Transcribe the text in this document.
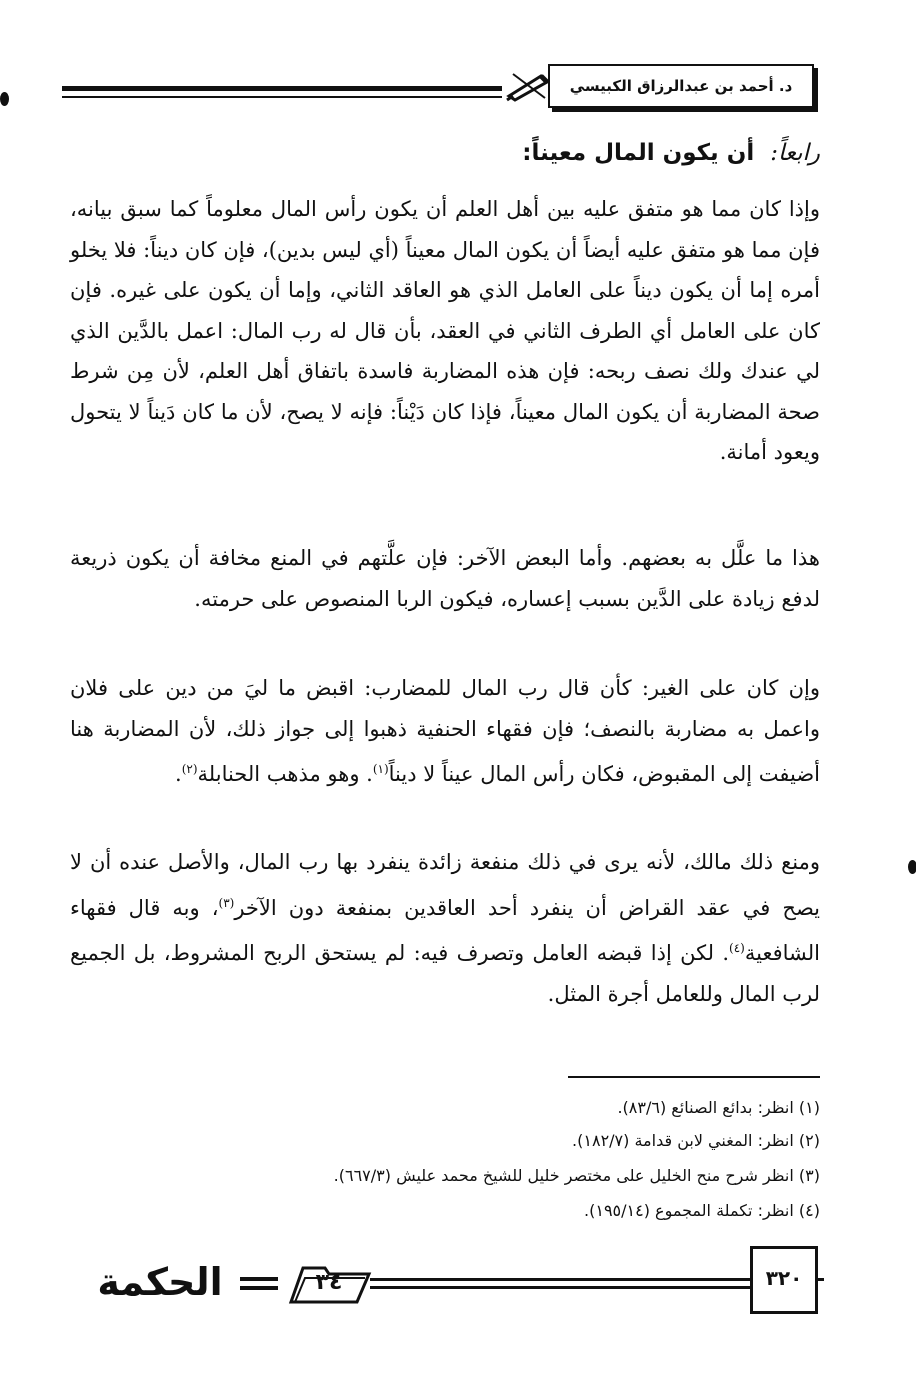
د. أحمد بن عبدالرزاق الكبيسي
رابعاً: أن يكون المال معيناً:

وإذا كان مما هو متفق عليه بين أهل العلم أن يكون رأس المال معلوماً كما سبق بيانه، فإن مما هو متفق عليه أيضاً أن يكون المال معيناً (أي ليس بدين)، فإن كان ديناً: فلا يخلو أمره إما أن يكون ديناً على العامل الذي هو العاقد الثاني، وإما أن يكون على غيره. فإن كان على العامل أي الطرف الثاني في العقد، بأن قال له رب المال: اعمل بالدَّين الذي لي عندك ولك نصف ربحه: فإن هذه المضاربة فاسدة باتفاق أهل العلم، لأن مِن شرط صحة المضاربة أن يكون المال معيناً، فإذا كان دَيْناً: فإنه لا يصح، لأن ما كان دَيناً لا يتحول ويعود أمانة.

هذا ما علَّل به بعضهم. وأما البعض الآخر: فإن علَّتهم في المنع مخافة أن يكون ذريعة لدفع زيادة على الدَّين بسبب إعساره، فيكون الربا المنصوص على حرمته.

وإن كان على الغير: كأن قال رب المال للمضارب: اقبض ما ليَ من دين على فلان واعمل به مضاربة بالنصف؛ فإن فقهاء الحنفية ذهبوا إلى جواز ذلك، لأن المضاربة هنا أضيفت إلى المقبوض، فكان رأس المال عيناً لا ديناً$^{(١)}$. وهو مذهب الحنابلة$^{(٢)}$.

ومنع ذلك مالك، لأنه يرى في ذلك منفعة زائدة ينفرد بها رب المال، والأصل عنده أن لا يصح في عقد القراض أن ينفرد أحد العاقدين بمنفعة دون الآخر$^{(٣)}$، وبه قال فقهاء الشافعية$^{(٤)}$. لكن إذا قبضه العامل وتصرف فيه: لم يستحق الربح المشروط، بل الجميع لرب المال وللعامل أجرة المثل.

(١) انظر: بدائع الصنائع (٨٣/٦).
(٢) انظر: المغني لابن قدامة (١٨٢/٧).
(٣) انظر شرح منح الخليل على مختصر خليل للشيخ محمد عليش (٦٦٧/٣).
(٤) انظر: تكملة المجموع (١٩٥/١٤).
٣٢٠
٣٤
الحكمة
